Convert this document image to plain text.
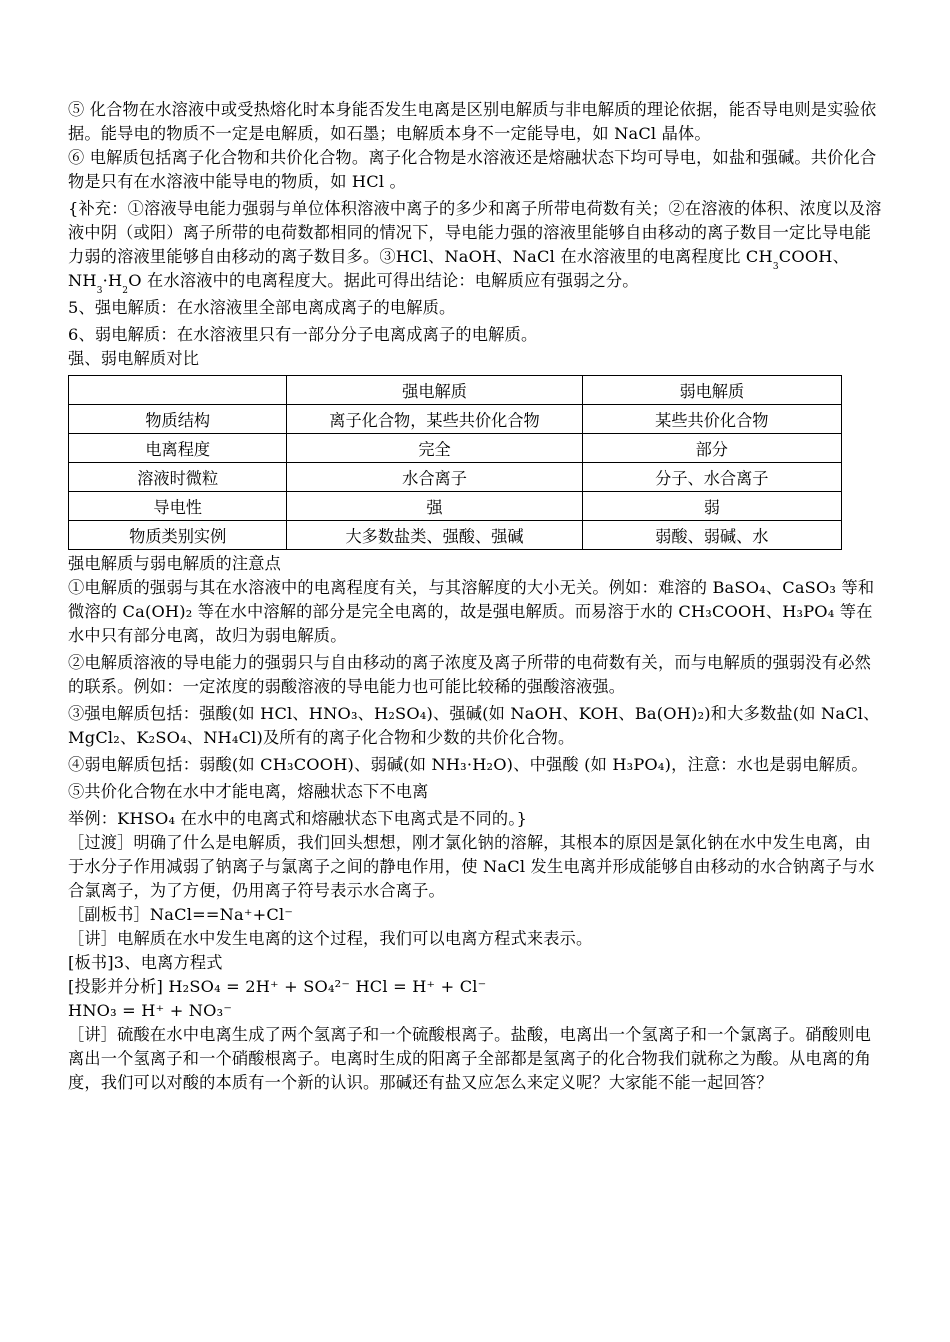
⑤ 化合物在水溶液中或受热熔化时本身能否发生电离是区别电解质与非电解质的理论依据，能否导电则是实验依据。能导电的物质不一定是电解质，如石墨；电解质本身不一定能导电，如 NaCl 晶体。

⑥ 电解质包括离子化合物和共价化合物。离子化合物是水溶液还是熔融状态下均可导电，如盐和强碱。共价化合物是只有在水溶液中能导电的物质，如 HCl 。

{补充：①溶液导电能力强弱与单位体积溶液中离子的多少和离子所带电荷数有关；②在溶液的体积、浓度以及溶液中阴（或阳）离子所带的电荷数都相同的情况下，导电能力强的溶液里能够自由移动的离子数目一定比导电能力弱的溶液里能够自由移动的离子数目多。③HCl、NaOH、NaCl 在水溶液里的电离程度比 $CH_3COOH$、$NH_3\cdot H_2O$ 在水溶液中的电离程度大。据此可得出结论：电解质应有强弱之分。

5、强电解质：在水溶液里全部电离成离子的电解质。

6、弱电解质：在水溶液里只有一部分分子电离成离子的电解质。

强、弱电解质对比

	强电解质	弱电解质
物质结构	离子化合物，某些共价化合物	某些共价化合物
电离程度	完全	部分
溶液时微粒	水合离子	分子、水合离子
导电性	强	弱
物质类别实例	大多数盐类、强酸、强碱	弱酸、弱碱、水

强电解质与弱电解质的注意点

①电解质的强弱与其在水溶液中的电离程度有关，与其溶解度的大小无关。例如：难溶的 BaSO₄、CaSO₃ 等和微溶的 Ca(OH)₂ 等在水中溶解的部分是完全电离的，故是强电解质。而易溶于水的 CH₃COOH、H₃PO₄ 等在水中只有部分电离，故归为弱电解质。

②电解质溶液的导电能力的强弱只与自由移动的离子浓度及离子所带的电荷数有关，而与电解质的强弱没有必然的联系。例如：一定浓度的弱酸溶液的导电能力也可能比较稀的强酸溶液强。

③强电解质包括：强酸(如 HCl、HNO₃、H₂SO₄)、强碱(如 NaOH、KOH、Ba(OH)₂)和大多数盐(如 NaCl、MgCl₂、K₂SO₄、NH₄Cl)及所有的离子化合物和少数的共价化合物。

④弱电解质包括：弱酸(如 CH₃COOH)、弱碱(如 NH₃·H₂O)、中强酸 (如 H₃PO₄)，注意：水也是弱电解质。

⑤共价化合物在水中才能电离，熔融状态下不电离

举例：KHSO₄ 在水中的电离式和熔融状态下电离式是不同的。}

［过渡］明确了什么是电解质，我们回头想想，刚才氯化钠的溶解，其根本的原因是氯化钠在水中发生电离，由于水分子作用减弱了钠离子与氯离子之间的静电作用，使 NaCl 发生电离并形成能够自由移动的水合钠离子与水合氯离子，为了方便，仍用离子符号表示水合离子。

［副板书］NaCl==Na⁺+Cl⁻

［讲］电解质在水中发生电离的这个过程，我们可以电离方程式来表示。

[板书]3、电离方程式

[投影并分析] H₂SO₄ = 2H⁺ + SO₄²⁻ HCl = H⁺ + Cl⁻

HNO₃ = H⁺ + NO₃⁻

［讲］硫酸在水中电离生成了两个氢离子和一个硫酸根离子。盐酸，电离出一个氢离子和一个氯离子。硝酸则电离出一个氢离子和一个硝酸根离子。电离时生成的阳离子全部都是氢离子的化合物我们就称之为酸。从电离的角度，我们可以对酸的本质有一个新的认识。那碱还有盐又应怎么来定义呢？大家能不能一起回答？
